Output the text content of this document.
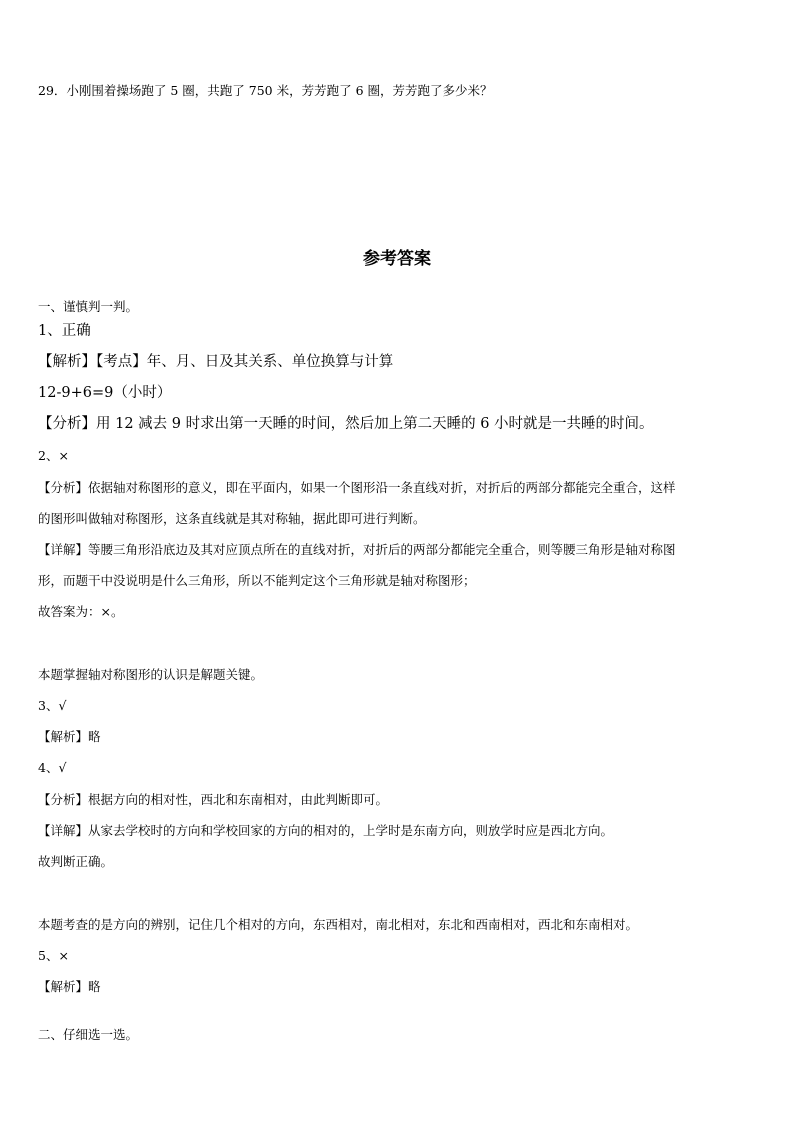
29．小刚围着操场跑了 5 圈，共跑了 750 米，芳芳跑了 6 圈，芳芳跑了多少米？
参考答案
一、谨慎判一判。
1、正确
【解析】【考点】年、月、日及其关系、单位换算与计算
12-9+6=9（小时）
【分析】用 12 减去 9 时求出第一天睡的时间，然后加上第二天睡的 6 小时就是一共睡的时间。
2、×
【分析】依据轴对称图形的意义，即在平面内，如果一个图形沿一条直线对折，对折后的两部分都能完全重合，这样
的图形叫做轴对称图形，这条直线就是其对称轴，据此即可进行判断。
【详解】等腰三角形沿底边及其对应顶点所在的直线对折，对折后的两部分都能完全重合，则等腰三角形是轴对称图
形，而题干中没说明是什么三角形，所以不能判定这个三角形就是轴对称图形；
故答案为：×。
本题掌握轴对称图形的认识是解题关键。
3、√
【解析】略
4、√
【分析】根据方向的相对性，西北和东南相对，由此判断即可。
【详解】从家去学校时的方向和学校回家的方向的相对的，上学时是东南方向，则放学时应是西北方向。
故判断正确。
本题考查的是方向的辨别，记住几个相对的方向，东西相对，南北相对，东北和西南相对，西北和东南相对。
5、×
【解析】略
二、仔细选一选。
